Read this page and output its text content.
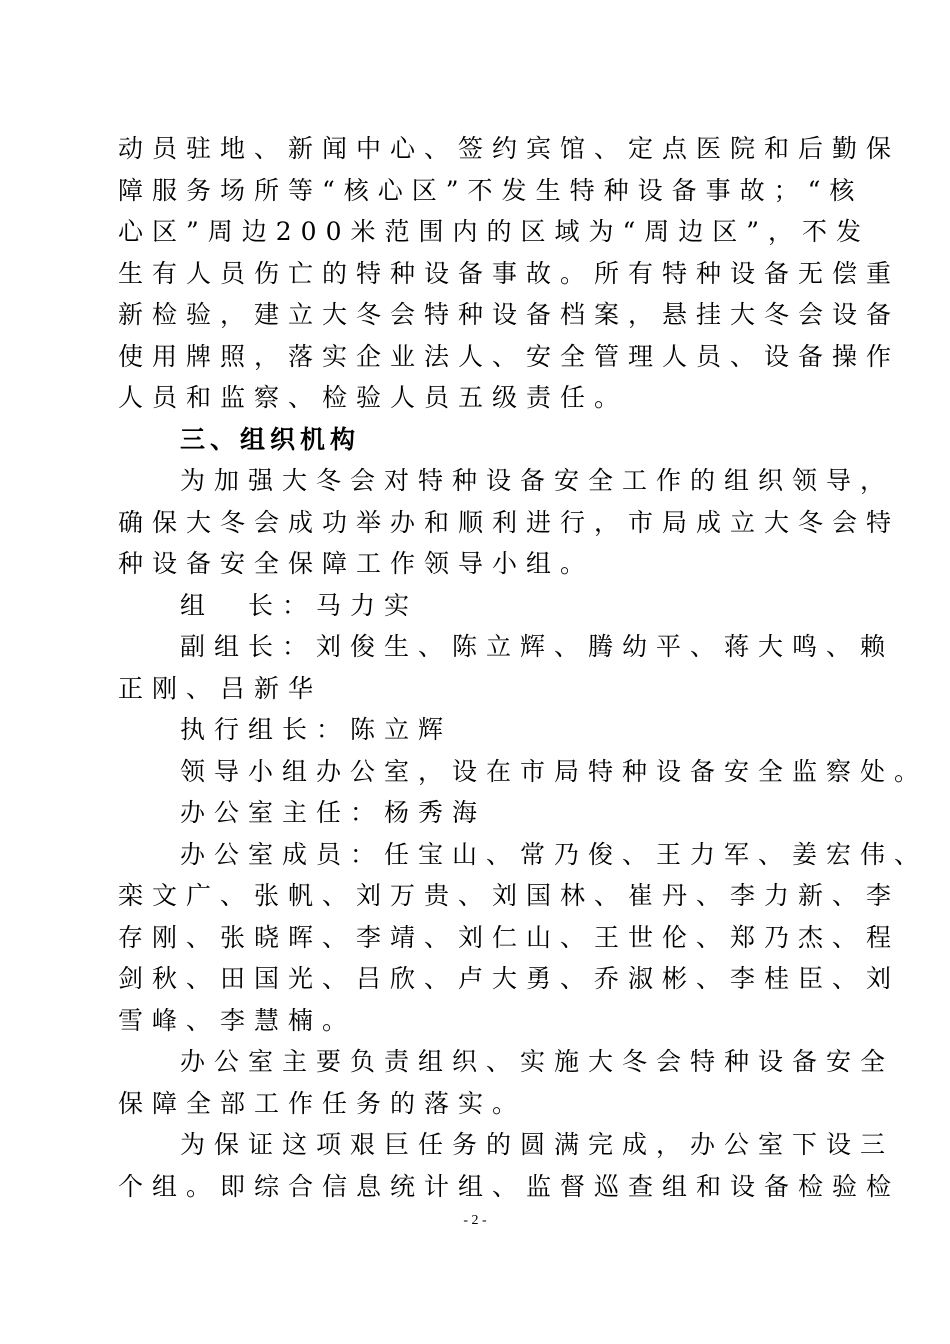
动员驻地、新闻中心、签约宾馆、定点医院和后勤保
障服务场所等“核心区”不发生特种设备事故；“核
心区”周边200米范围内的区域为“周边区”，不发
生有人员伤亡的特种设备事故。所有特种设备无偿重
新检验，建立大冬会特种设备档案，悬挂大冬会设备
使用牌照，落实企业法人、安全管理人员、设备操作
人员和监察、检验人员五级责任。
三、组织机构
为加强大冬会对特种设备安全工作的组织领导，
确保大冬会成功举办和顺利进行，市局成立大冬会特
种设备安全保障工作领导小组。
组　长：马力实
副组长：刘俊生、陈立辉、腾幼平、蒋大鸣、赖
正刚、吕新华
执行组长：陈立辉
领导小组办公室，设在市局特种设备安全监察处。
办公室主任：杨秀海
办公室成员：任宝山、常乃俊、王力军、姜宏伟、
栾文广、张帆、刘万贵、刘国林、崔丹、李力新、李
存刚、张晓晖、李靖、刘仁山、王世伦、郑乃杰、程
剑秋、田国光、吕欣、卢大勇、乔淑彬、李桂臣、刘
雪峰、李慧楠。
办公室主要负责组织、实施大冬会特种设备安全
保障全部工作任务的落实。
为保证这项艰巨任务的圆满完成，办公室下设三
个组。即综合信息统计组、监督巡查组和设备检验检
- 2 -
